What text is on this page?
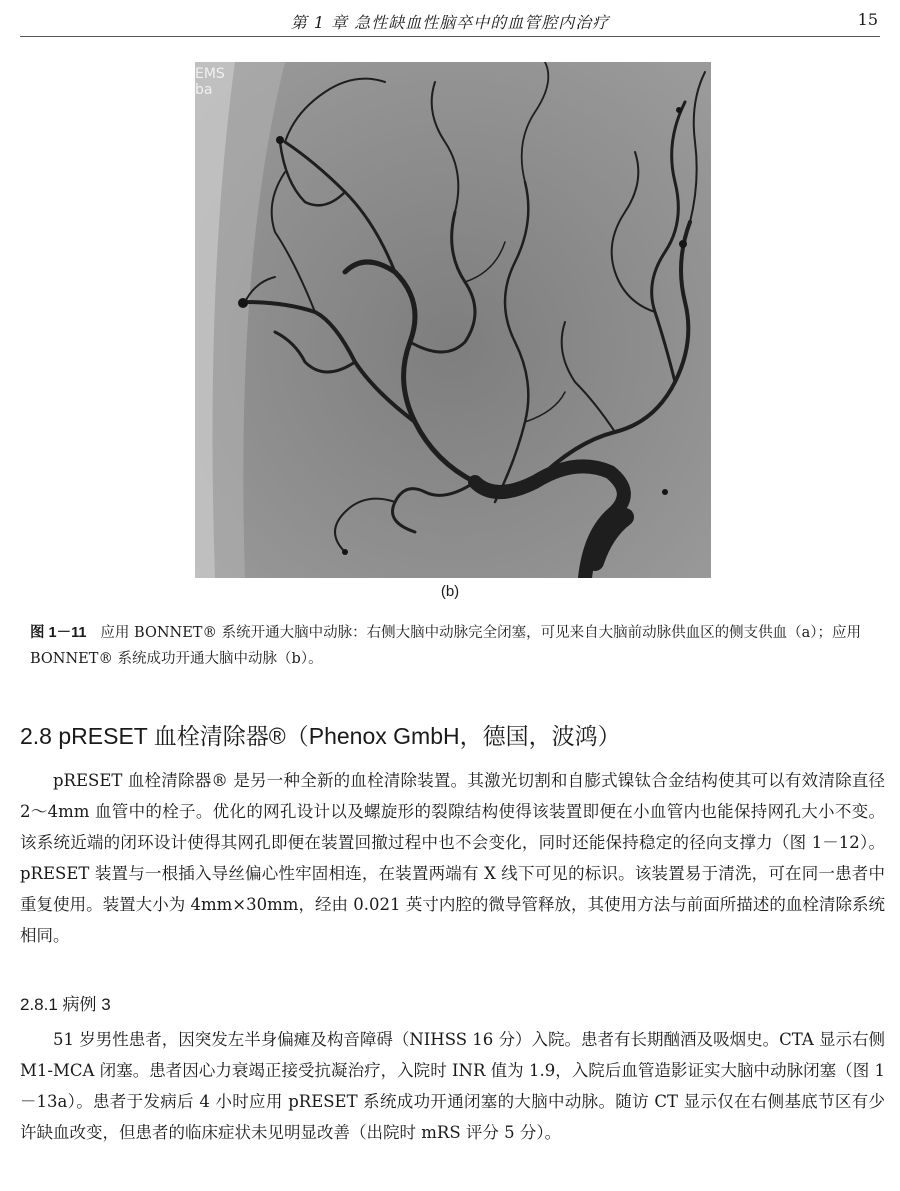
第 1 章 急性缺血性脑卒中的血管腔内治疗	15
EMS
ba
(b)
图 1－11 应用 BONNET® 系统开通大脑中动脉：右侧大脑中动脉完全闭塞，可见来自大脑前动脉供血区的侧支供血（a）；应用 BONNET® 系统成功开通大脑中动脉（b）。
2.8 pRESET 血栓清除器®（Phenox GmbH，德国，波鸿）

pRESET 血栓清除器® 是另一种全新的血栓清除装置。其激光切割和自膨式镍钛合金结构使其可以有效清除直径 2～4mm 血管中的栓子。优化的网孔设计以及螺旋形的裂隙结构使得该装置即便在小血管内也能保持网孔大小不变。该系统近端的闭环设计使得其网孔即便在装置回撤过程中也不会变化，同时还能保持稳定的径向支撑力（图 1－12）。pRESET 装置与一根插入导丝偏心性牢固相连，在装置两端有 X 线下可见的标识。该装置易于清洗，可在同一患者中重复使用。装置大小为 4mm×30mm，经由 0.021 英寸内腔的微导管释放，其使用方法与前面所描述的血栓清除系统相同。

2.8.1 病例 3

51 岁男性患者，因突发左半身偏瘫及构音障碍（NIHSS 16 分）入院。患者有长期酗酒及吸烟史。CTA 显示右侧 M1-MCA 闭塞。患者因心力衰竭正接受抗凝治疗，入院时 INR 值为 1.9，入院后血管造影证实大脑中动脉闭塞（图 1－13a）。患者于发病后 4 小时应用 pRESET 系统成功开通闭塞的大脑中动脉。随访 CT 显示仅在右侧基底节区有少许缺血改变，但患者的临床症状未见明显改善（出院时 mRS 评分 5 分）。
